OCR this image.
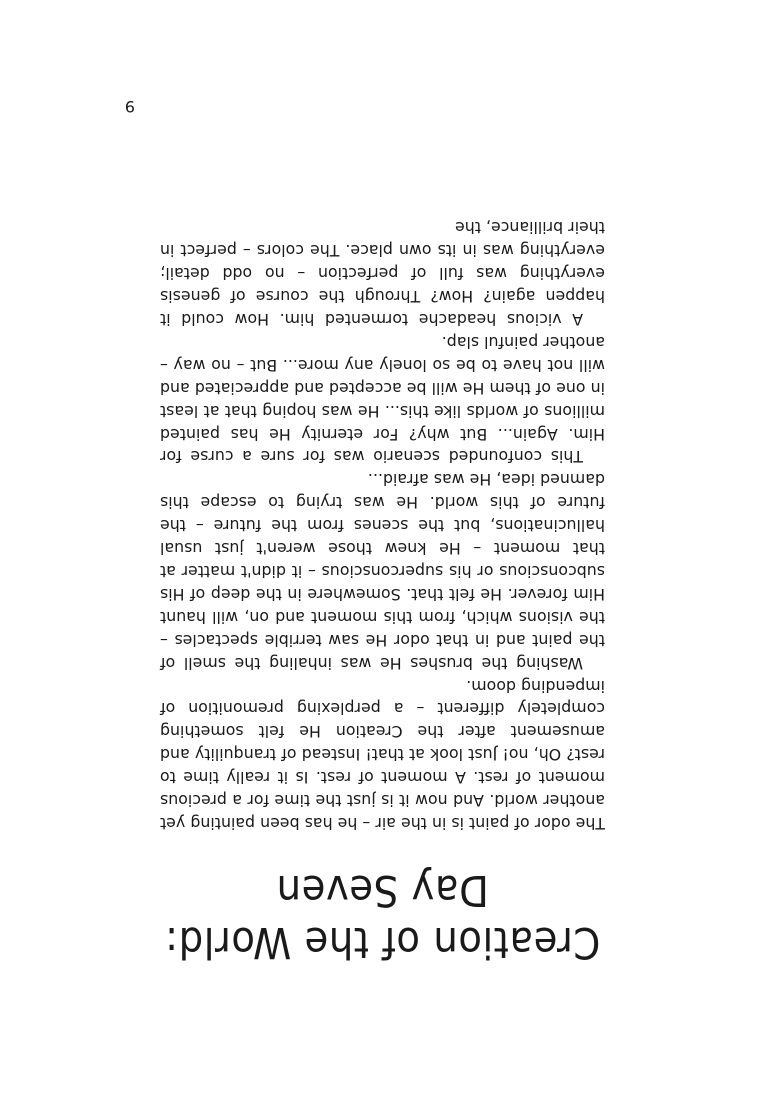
Creation of the World:
Day Seven

The odor of paint is in the air – he has been painting yet another world. And now it is just the time for a precious moment of rest. A moment of rest. Is it really time to rest? Oh, no! Just look at that! Instead of tranquility and amusement after the Creation He felt something completely different – a perplexing premonition of impending doom.

Washing the brushes He was inhaling the smell of the paint and in that odor He saw terrible spectacles – the visions which, from this moment and on, will haunt Him forever. He felt that. Somewhere in the deep of His subconscious or his superconscious – it didn't matter at that moment – He knew those weren't just usual hallucinations, but the scenes from the future – the future of this world. He was trying to escape this damned idea, He was afraid...

This confounded scenario was for sure a curse for Him. Again... But why? For eternity He has painted millions of worlds like this... He was hoping that at least in one of them He will be accepted and appreciated and will not have to be so lonely any more... But – no way – another painful slap.

A vicious headache tormented him. How could it happen again? How? Through the course of genesis everything was full of perfection – no odd detail; everything was in its own place. The colors – perfect in their brilliance, the

9
